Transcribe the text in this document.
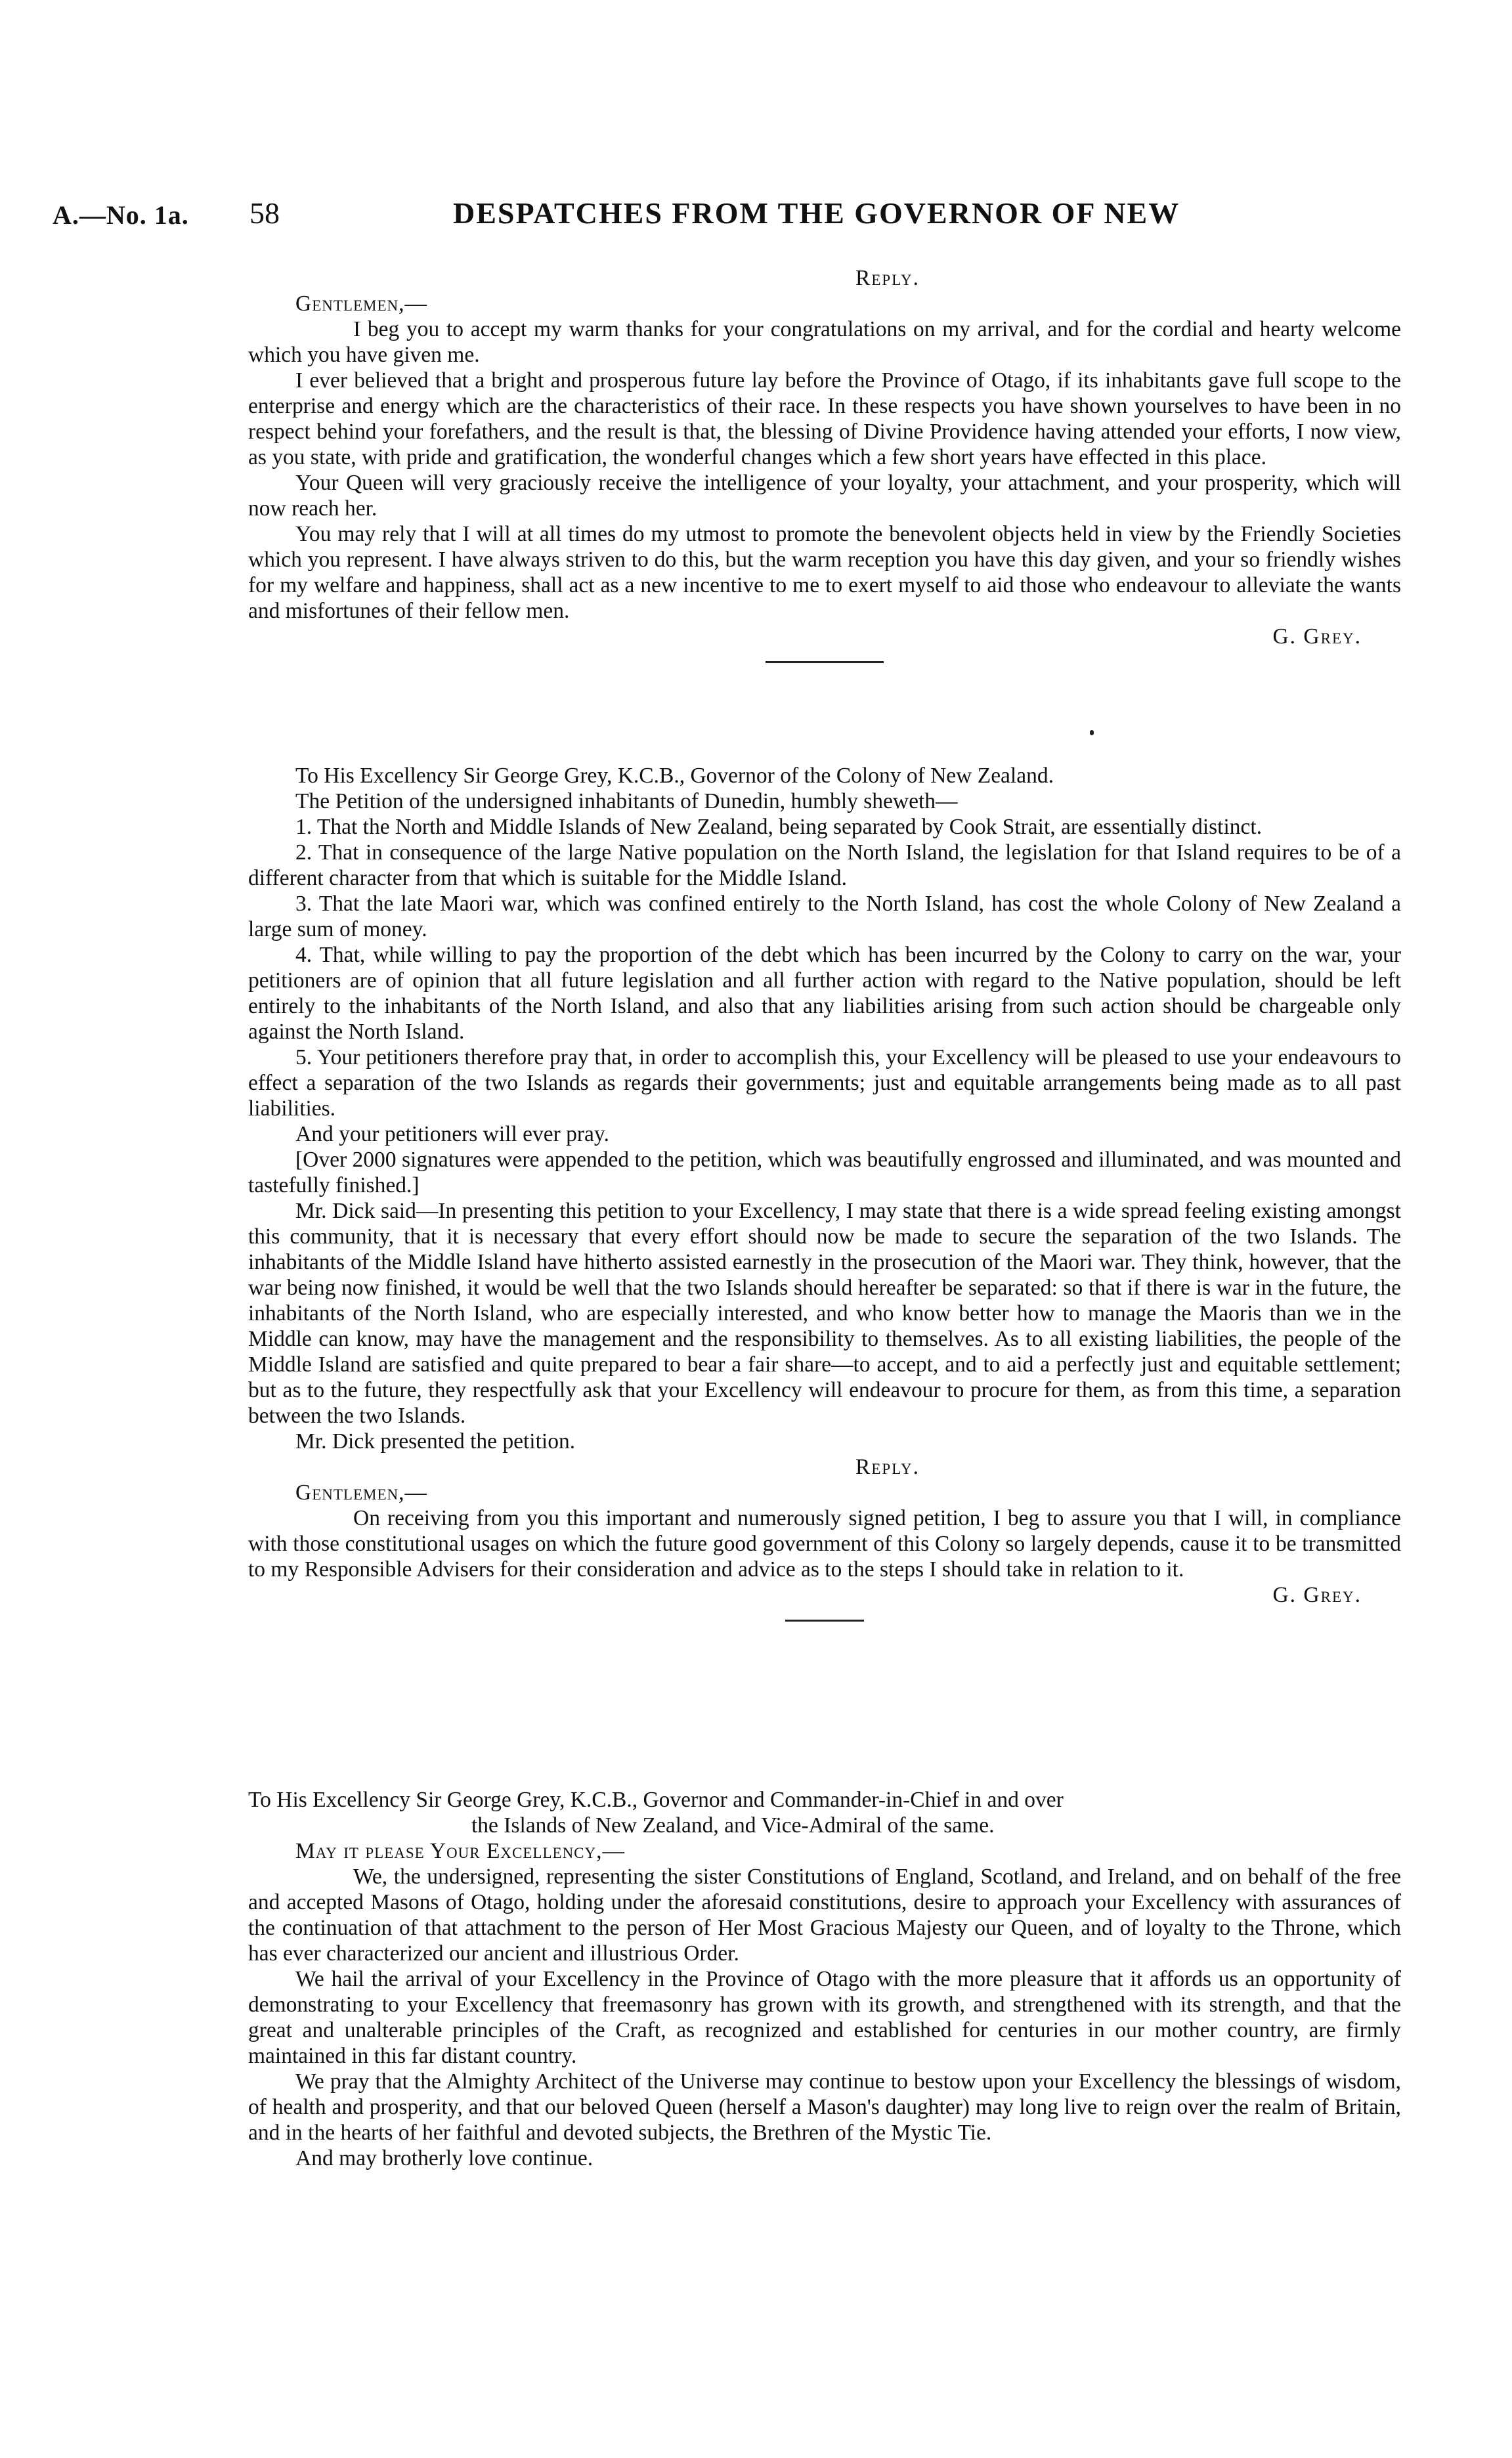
A.—No. 1a. 58	DESPATCHES FROM THE GOVERNOR OF NEW

Reply.

Gentlemen,—

I beg you to accept my warm thanks for your congratulations on my arrival, and for the cordial and hearty welcome which you have given me.

I ever believed that a bright and prosperous future lay before the Province of Otago, if its inhabitants gave full scope to the enterprise and energy which are the characteristics of their race. In these respects you have shown yourselves to have been in no respect behind your forefathers, and the result is that, the blessing of Divine Providence having attended your efforts, I now view, as you state, with pride and gratification, the wonderful changes which a few short years have effected in this place.

Your Queen will very graciously receive the intelligence of your loyalty, your attachment, and your prosperity, which will now reach her.

You may rely that I will at all times do my utmost to promote the benevolent objects held in view by the Friendly Societies which you represent. I have always striven to do this, but the warm reception you have this day given, and your so friendly wishes for my welfare and happiness, shall act as a new incentive to me to exert myself to aid those who endeavour to alleviate the wants and misfortunes of their fellow men.

G. Grey.

To His Excellency Sir George Grey, K.C.B., Governor of the Colony of New Zealand.

The Petition of the undersigned inhabitants of Dunedin, humbly sheweth—

1. That the North and Middle Islands of New Zealand, being separated by Cook Strait, are essentially distinct.

2. That in consequence of the large Native population on the North Island, the legislation for that Island requires to be of a different character from that which is suitable for the Middle Island.

3. That the late Maori war, which was confined entirely to the North Island, has cost the whole Colony of New Zealand a large sum of money.

4. That, while willing to pay the proportion of the debt which has been incurred by the Colony to carry on the war, your petitioners are of opinion that all future legislation and all further action with regard to the Native population, should be left entirely to the inhabitants of the North Island, and also that any liabilities arising from such action should be chargeable only against the North Island.

5. Your petitioners therefore pray that, in order to accomplish this, your Excellency will be pleased to use your endeavours to effect a separation of the two Islands as regards their governments; just and equitable arrangements being made as to all past liabilities.

And your petitioners will ever pray.

[Over 2000 signatures were appended to the petition, which was beautifully engrossed and illuminated, and was mounted and tastefully finished.]

Mr. Dick said—In presenting this petition to your Excellency, I may state that there is a wide spread feeling existing amongst this community, that it is necessary that every effort should now be made to secure the separation of the two Islands. The inhabitants of the Middle Island have hitherto assisted earnestly in the prosecution of the Maori war. They think, however, that the war being now finished, it would be well that the two Islands should hereafter be separated: so that if there is war in the future, the inhabitants of the North Island, who are especially interested, and who know better how to manage the Maoris than we in the Middle can know, may have the management and the responsibility to themselves. As to all existing liabilities, the people of the Middle Island are satisfied and quite prepared to bear a fair share—to accept, and to aid a perfectly just and equitable settlement; but as to the future, they respectfully ask that your Excellency will endeavour to procure for them, as from this time, a separation between the two Islands.

Mr. Dick presented the petition.

Reply.

Gentlemen,—

On receiving from you this important and numerously signed petition, I beg to assure you that I will, in compliance with those constitutional usages on which the future good government of this Colony so largely depends, cause it to be transmitted to my Responsible Advisers for their consideration and advice as to the steps I should take in relation to it.

G. Grey.

To His Excellency Sir George Grey, K.C.B., Governor and Commander-in-Chief in and over

the Islands of New Zealand, and Vice-Admiral of the same.

May it please Your Excellency,—

We, the undersigned, representing the sister Constitutions of England, Scotland, and Ireland, and on behalf of the free and accepted Masons of Otago, holding under the aforesaid constitutions, desire to approach your Excellency with assurances of the continuation of that attachment to the person of Her Most Gracious Majesty our Queen, and of loyalty to the Throne, which has ever characterized our ancient and illustrious Order.

We hail the arrival of your Excellency in the Province of Otago with the more pleasure that it affords us an opportunity of demonstrating to your Excellency that freemasonry has grown with its growth, and strengthened with its strength, and that the great and unalterable principles of the Craft, as recognized and established for centuries in our mother country, are firmly maintained in this far distant country.

We pray that the Almighty Architect of the Universe may continue to bestow upon your Excellency the blessings of wisdom, of health and prosperity, and that our beloved Queen (herself a Mason's daughter) may long live to reign over the realm of Britain, and in the hearts of her faithful and devoted subjects, the Brethren of the Mystic Tie.

And may brotherly love continue.
